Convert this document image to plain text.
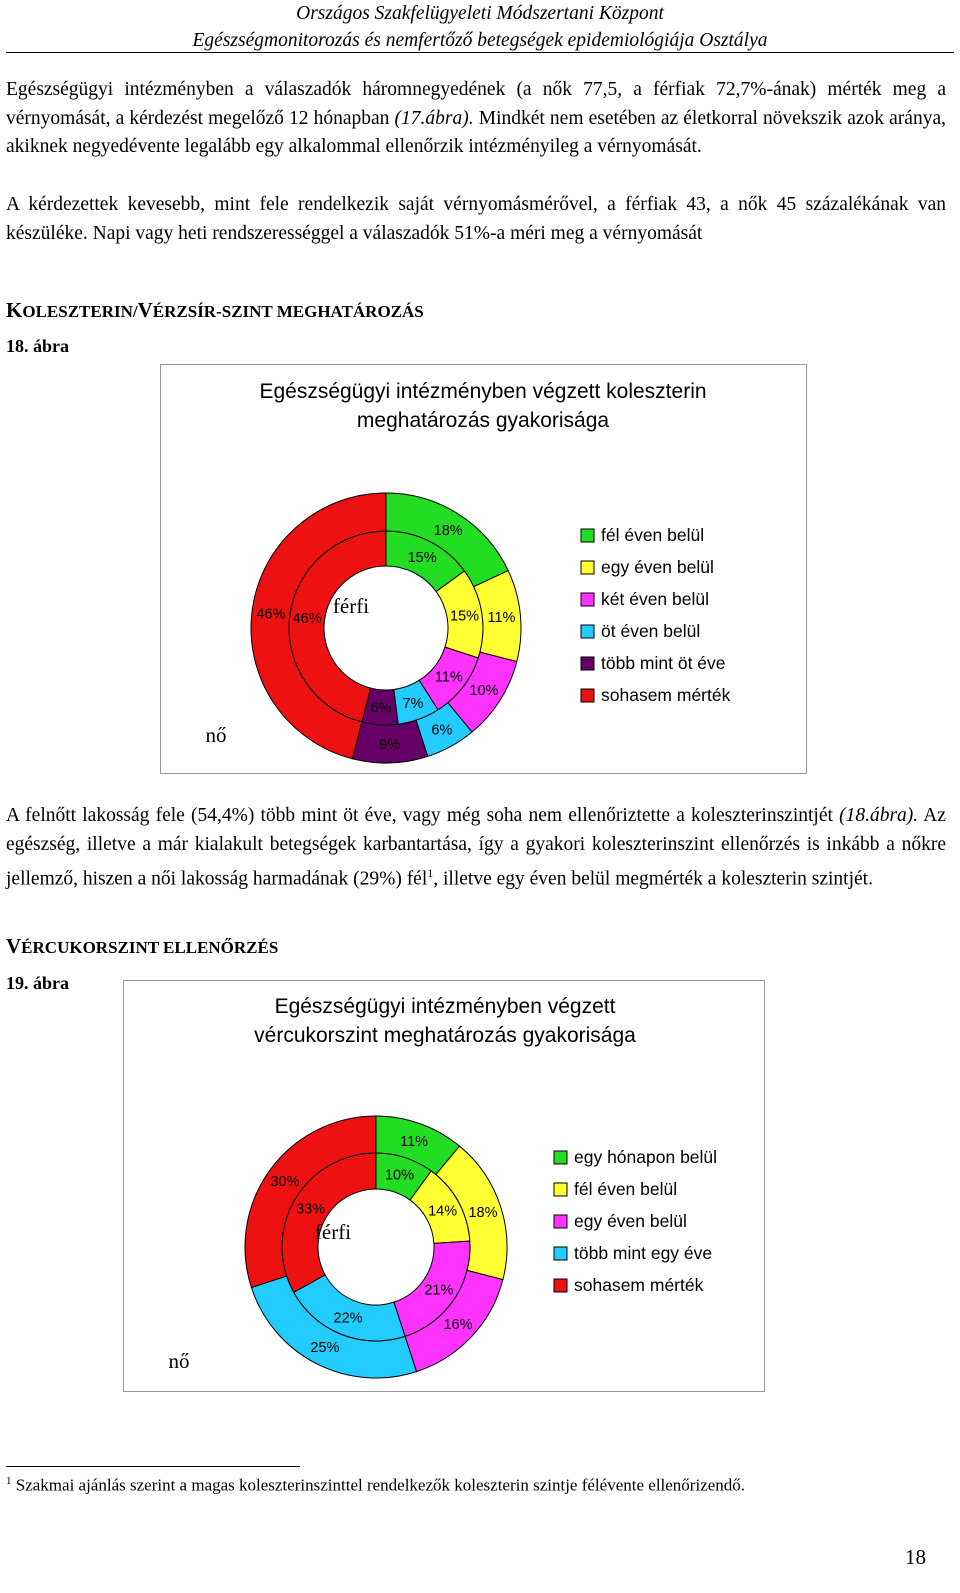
Országos Szakfelügyeleti Módszertani Központ
Egészségmonitorozás és nemfertőző betegségek epidemiológiája Osztálya

Egészségügyi intézményben a válaszadók háromnegyedének (a nők 77,5, a férfiak 72,7%-ának) mérték meg a vérnyomását, a kérdezést megelőző 12 hónapban (17.ábra). Mindkét nem esetében az életkorral növekszik azok aránya, akiknek negyedévente legalább egy alkalommal ellenőrzik intézményileg a vérnyomását.

A kérdezettek kevesebb, mint fele rendelkezik saját vérnyomásmérővel, a férfiak 43, a nők 45 százalékának van készüléke. Napi vagy heti rendszerességgel a válaszadók 51%-a méri meg a vérnyomását

KOLESZTERIN/VÉRZSÍR-SZINT MEGHATÁROZÁS

18. ábra

Egészségügyi intézményben végzett koleszterin
meghatározás gyakorisága
15%
15%
11%
7%
6%
46%
18%
11%
10%
6%
9%
46%
fél éven belül
egy éven belül
két éven belül
öt éven belül
több mint öt éve
sohasem mérték
férfi
nő

A felnőtt lakosság fele (54,4%) több mint öt éve, vagy még soha nem ellenőriztette a koleszterinszintjét (18.ábra). Az egészség, illetve a már kialakult betegségek karbantartása, így a gyakori koleszterinszint ellenőrzés is inkább a nőkre jellemző, hiszen a női lakosság harmadának (29%) fél$^1$, illetve egy éven belül megmérték a koleszterin szintjét.

VÉRCUKORSZINT ELLENŐRZÉS

19. ábra

Egészségügyi intézményben végzett
vércukorszint meghatározás gyakorisága
10%
14%
21%
22%
33%
11%
18%
16%
25%
30%
egy hónapon belül
fél éven belül
egy éven belül
több mint egy éve
sohasem mérték
férfi
nő

$^1$ Szakmai ajánlás szerint a magas koleszterinszinttel rendelkezők koleszterin szintje félévente ellenőrizendő.

18
